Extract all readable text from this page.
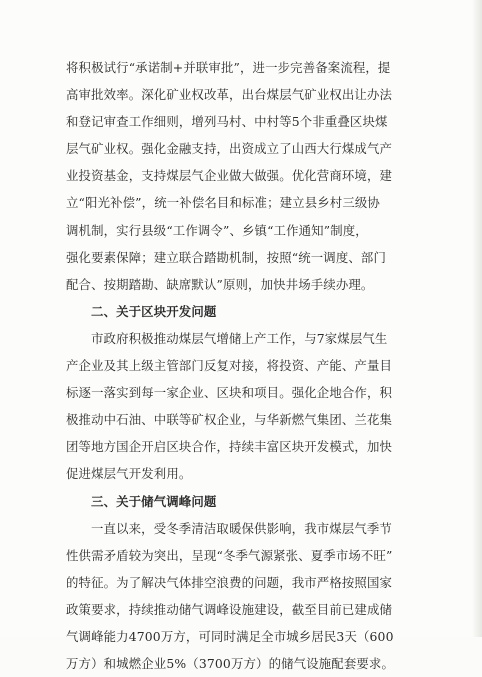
将积极试行“承诺制+并联审批”，进一步完善备案流程，提

高审批效率。深化矿业权改革，出台煤层气矿业权出让办法

和登记审查工作细则，增列马村、中村等5个非重叠区块煤

层气矿业权。强化金融支持，出资成立了山西大行煤成气产

业投资基金，支持煤层气企业做大做强。优化营商环境，建

立“阳光补偿”，统一补偿名目和标准；建立县乡村三级协

调机制，实行县级“工作调令”、乡镇“工作通知”制度，

强化要素保障；建立联合踏勘机制，按照“统一调度、部门

配合、按期踏勘、缺席默认”原则，加快井场手续办理。

二、关于区块开发问题

市政府积极推动煤层气增储上产工作，与7家煤层气生

产企业及其上级主管部门反复对接，将投资、产能、产量目

标逐一落实到每一家企业、区块和项目。强化企地合作，积

极推动中石油、中联等矿权企业，与华新燃气集团、兰花集

团等地方国企开启区块合作，持续丰富区块开发模式，加快

促进煤层气开发利用。

三、关于储气调峰问题

一直以来，受冬季清洁取暖保供影响，我市煤层气季节

性供需矛盾较为突出，呈现“冬季气源紧张、夏季市场不旺”

的特征。为了解决气体排空浪费的问题，我市严格按照国家

政策要求，持续推动储气调峰设施建设，截至目前已建成储

气调峰能力4700万方，可同时满足全市城乡居民3天（600

万方）和城燃企业5%（3700万方）的储气设施配套要求。
